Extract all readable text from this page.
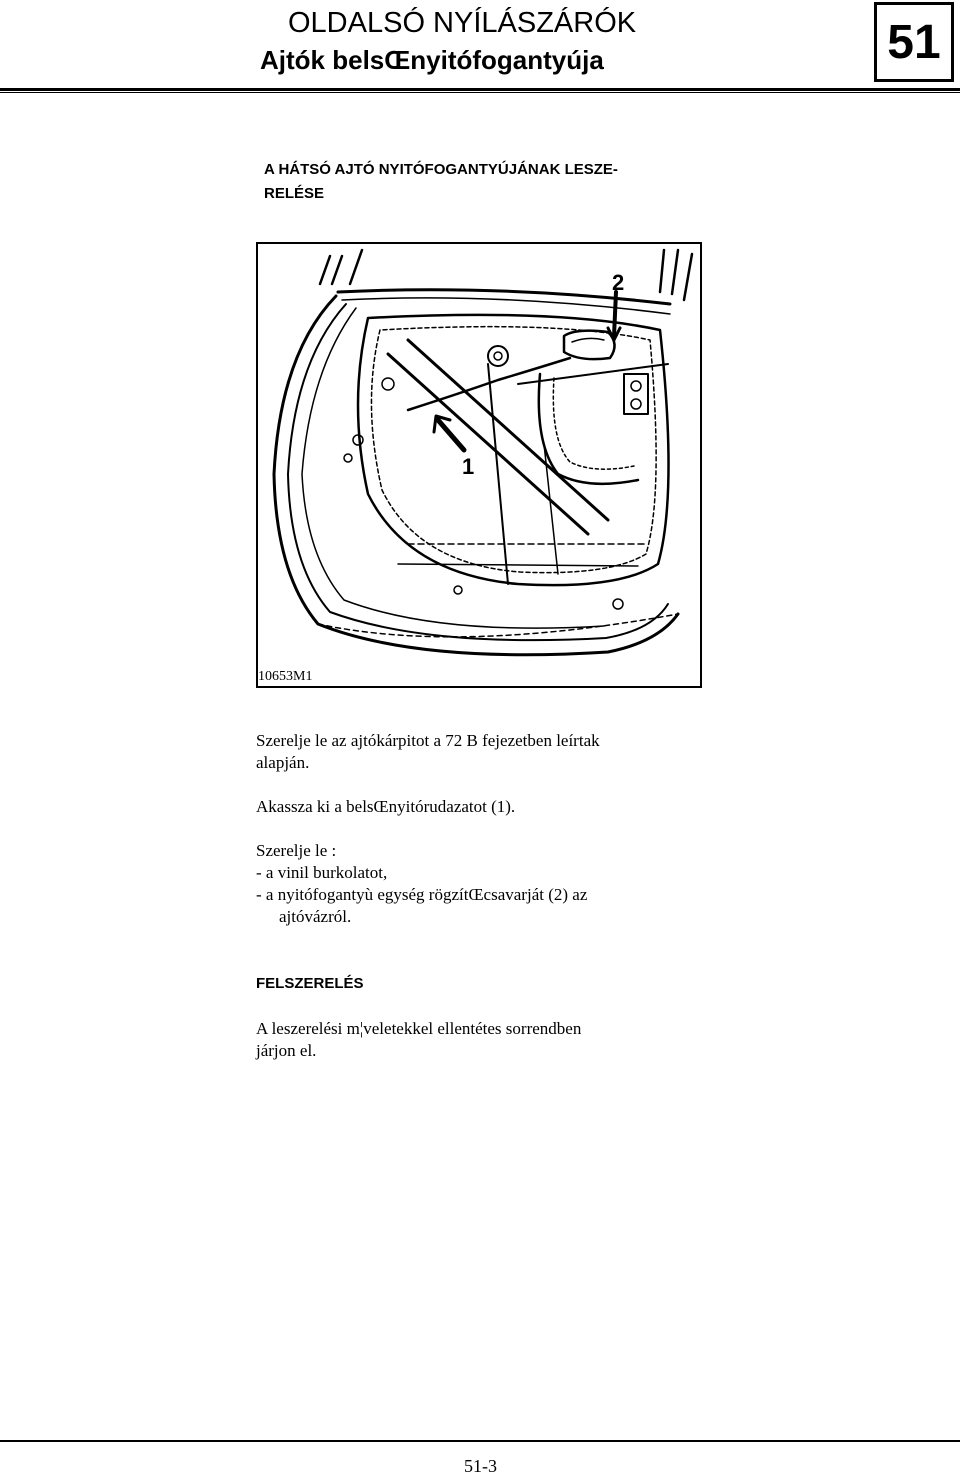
OLDALSÓ NYÍLÁSZÁRÓK
Ajtók belsŒnyitófogantyúja	51
A HÁTSÓ AJTÓ NYITÓFOGANTYÚJÁNAK LESZE-
RELÉSE
2
1
10653M1

Szerelje le az ajtókárpitot a 72 B fejezetben leírtak

alapján.

Akassza ki a belsŒnyitórudazatot (1).

Szerelje le :

- a vinil burkolatot,

- a nyitófogantyù egység rögzítŒcsavarját (2) az

ajtóvázról.

FELSZERELÉS

A leszerelési m¦veletekkel ellentétes sorrendben

járjon el.

51-3
